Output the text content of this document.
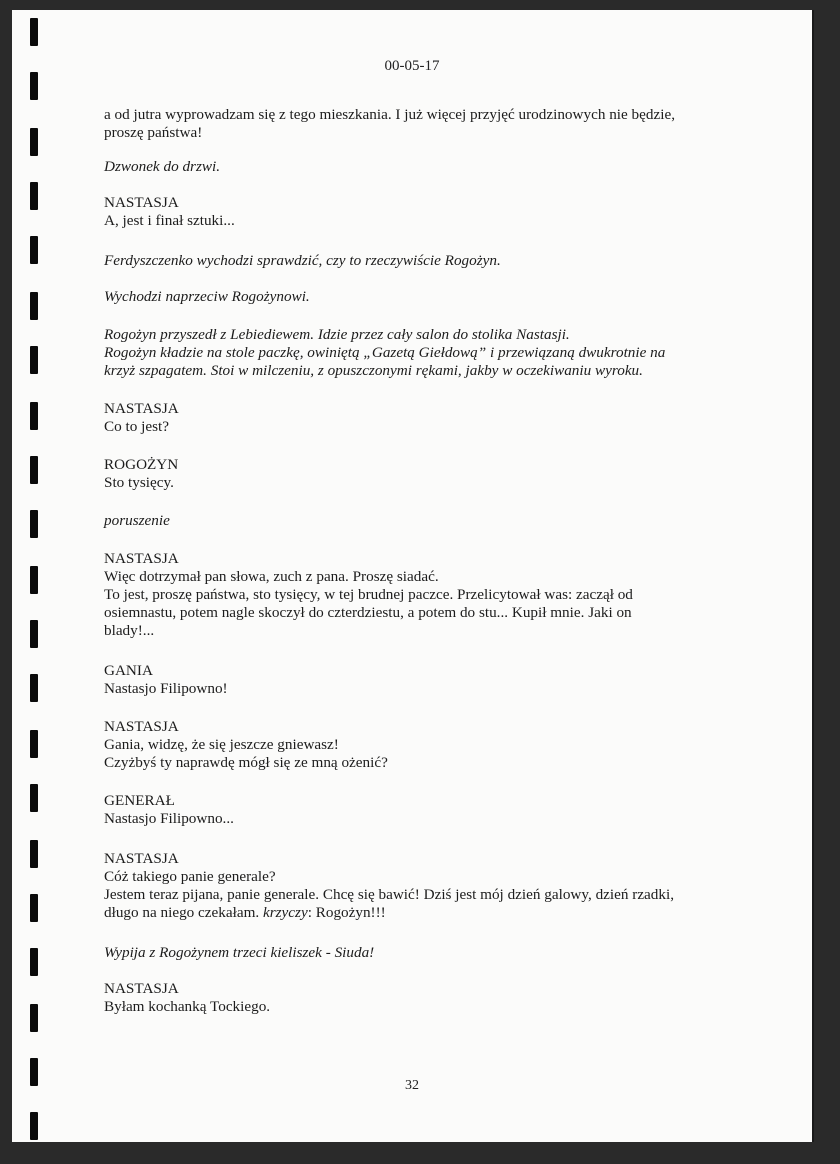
00-05-17

a od jutra wyprowadzam się z tego mieszkania. I już więcej przyjęć urodzinowych nie będzie,
proszę państwa!

Dzwonek do drzwi.

NASTASJA
A, jest i finał sztuki...

Ferdyszczenko wychodzi sprawdzić, czy to rzeczywiście Rogożyn.

Wychodzi naprzeciw Rogożynowi.

Rogożyn przyszedł z Lebiediewem. Idzie przez cały salon do stolika Nastasji.
Rogożyn kładzie na stole paczkę, owiniętą „Gazetą Giełdową” i przewiązaną dwukrotnie na
krzyż szpagatem. Stoi w milczeniu, z opuszczonymi rękami, jakby w oczekiwaniu wyroku.

NASTASJA
Co to jest?

ROGOŻYN
Sto tysięcy.

poruszenie

NASTASJA
Więc dotrzymał pan słowa, zuch z pana. Proszę siadać.
To jest, proszę państwa, sto tysięcy, w tej brudnej paczce. Przelicytował was: zaczął od
osiemnastu, potem nagle skoczył do czterdziestu, a potem do stu... Kupił mnie. Jaki on
blady!...

GANIA
Nastasjo Filipowno!

NASTASJA
Gania, widzę, że się jeszcze gniewasz!
Czyżbyś ty naprawdę mógł się ze mną ożenić?

GENERAŁ
Nastasjo Filipowno...

NASTASJA
Cóż takiego panie generale?
Jestem teraz pijana, panie generale. Chcę się bawić! Dziś jest mój dzień galowy, dzień rzadki,
długo na niego czekałam. krzyczy: Rogożyn!!!

Wypija z Rogożynem trzeci kieliszek - Siuda!

NASTASJA
Byłam kochanką Tockiego.

32
